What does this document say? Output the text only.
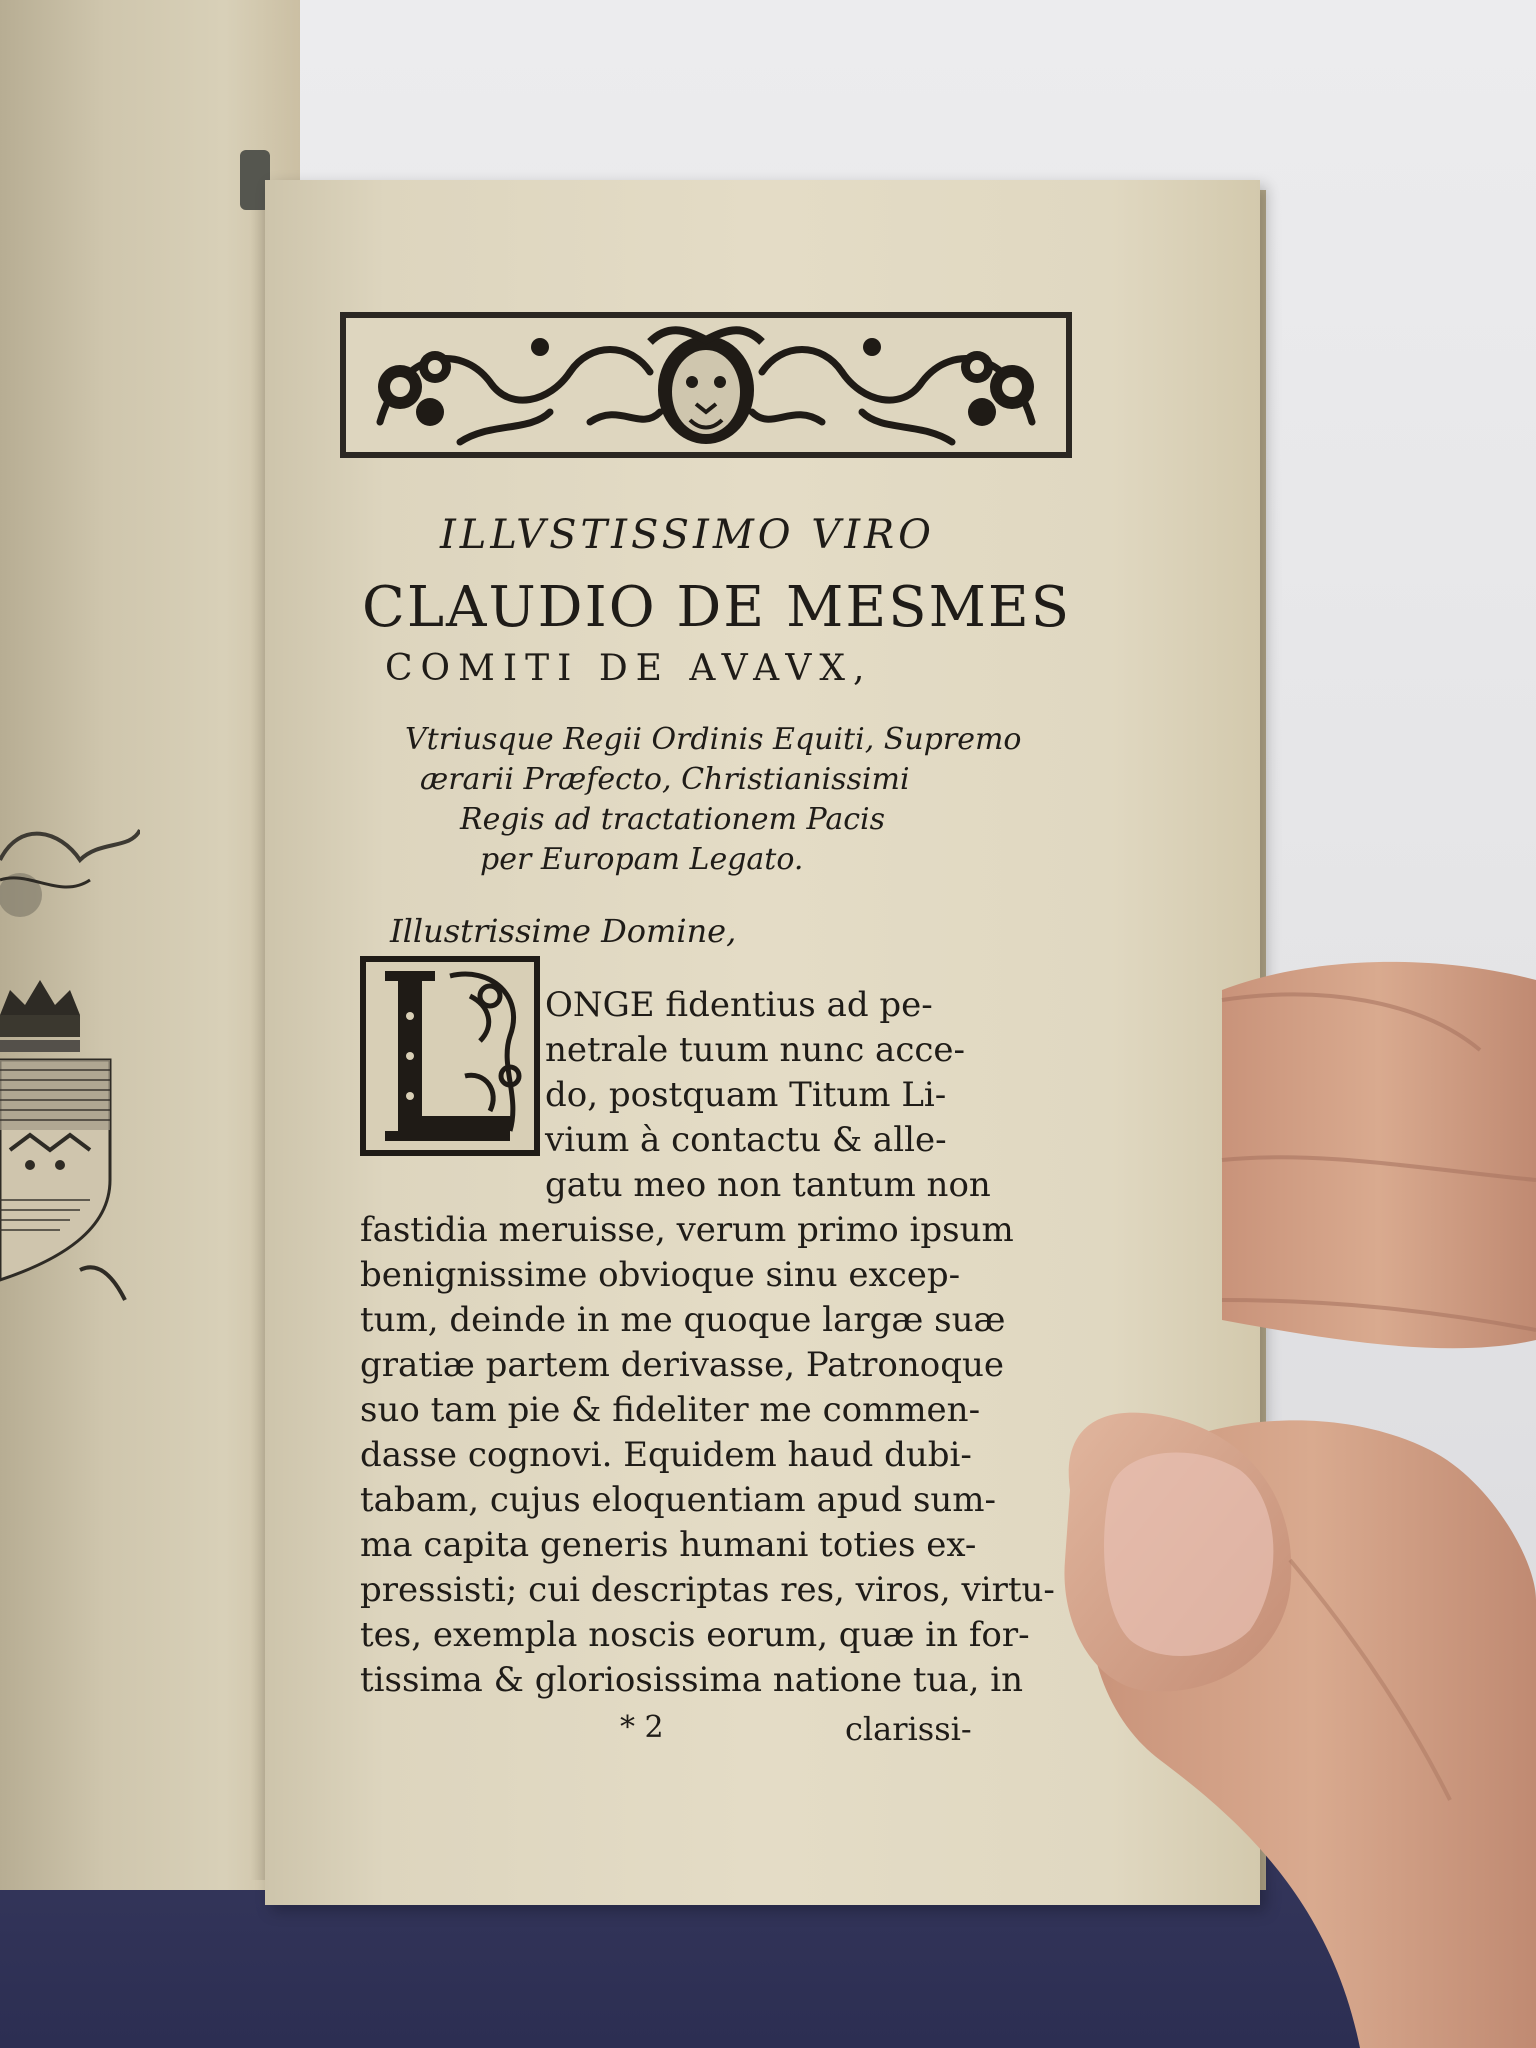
ILLVSTISSIMO VIRO
CLAUDIO DE MESMES
COMITI DE AVAVX,
Vtriusque Regii Ordinis Equiti, Supremo
ærarii Præfecto, Christianissimi
Regis ad tractationem Pacis
per Europam Legato.
Illustrissime Domine,
ONGE fidentius ad pe-
netrale tuum nunc acce-
do, postquam Titum Li-
vium à contactu & alle-
gatu meo non tantum non
fastidia meruisse, verum primo ipsum
benignissime obvioque sinu excep-
tum, deinde in me quoque largæ suæ
gratiæ partem derivasse, Patronoque
suo tam pie & fideliter me commen-
dasse cognovi. Equidem haud dubi-
tabam, cujus eloquentiam apud sum-
ma capita generis humani toties ex-
pressisti; cui descriptas res, viros, virtu-
tes, exempla noscis eorum, quæ in for-
tissima & gloriosissima natione tua, in
* 2	clarissi-
